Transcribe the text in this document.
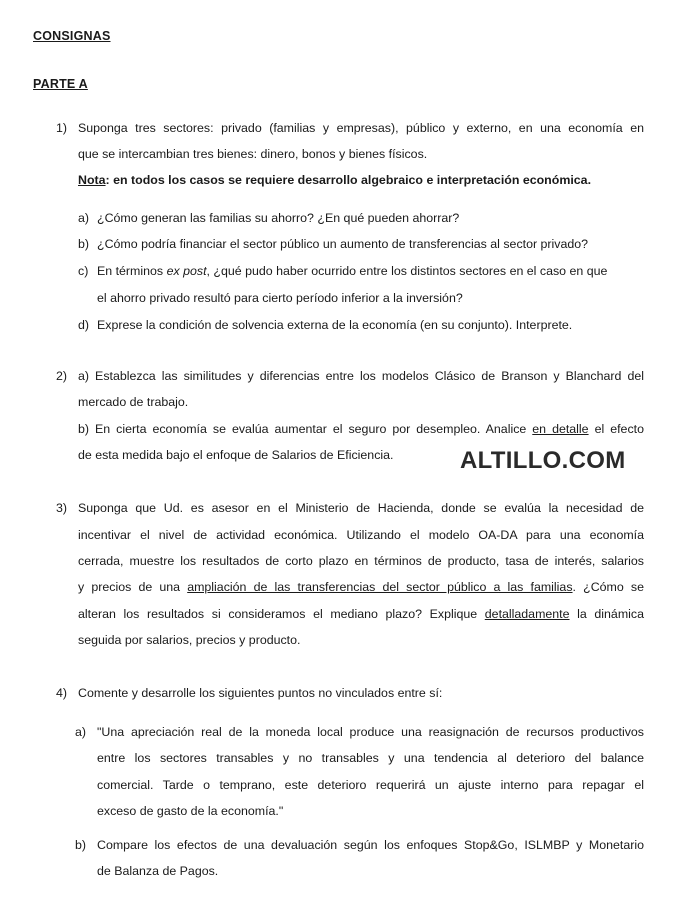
CONSIGNAS
PARTE A
1) Suponga tres sectores: privado (familias y empresas), público y externo, en una economía en
que se intercambian tres bienes: dinero, bonos y bienes físicos.
Nota: en todos los casos se requiere desarrollo algebraico e interpretación económica.
a) ¿Cómo generan las familias su ahorro? ¿En qué pueden ahorrar?
b) ¿Cómo podría financiar el sector público un aumento de transferencias al sector privado?
c) En términos ex post, ¿qué pudo haber ocurrido entre los distintos sectores en el caso en que
el ahorro privado resultó para cierto período inferior a la inversión?
d) Exprese la condición de solvencia externa de la economía (en su conjunto). Interprete.
2) a) Establezca las similitudes y diferencias entre los modelos Clásico de Branson y Blanchard del
mercado de trabajo.
b) En cierta economía se evalúa aumentar el seguro por desempleo. Analice en detalle el efecto
de esta medida bajo el enfoque de Salarios de Eficiencia.	ALTILLO.COM
3) Suponga que Ud. es asesor en el Ministerio de Hacienda, donde se evalúa la necesidad de
incentivar el nivel de actividad económica. Utilizando el modelo OA-DA para una economía
cerrada, muestre los resultados de corto plazo en términos de producto, tasa de interés, salarios
y precios de una ampliación de las transferencias del sector público a las familias. ¿Cómo se
alteran los resultados si consideramos el mediano plazo? Explique detalladamente la dinámica
seguida por salarios, precios y producto.
4) Comente y desarrolle los siguientes puntos no vinculados entre sí:
a) "Una apreciación real de la moneda local produce una reasignación de recursos productivos
entre los sectores transables y no transables y una tendencia al deterioro del balance
comercial. Tarde o temprano, este deterioro requerirá un ajuste interno para repagar el
exceso de gasto de la economía."
b) Compare los efectos de una devaluación según los enfoques Stop&Go, ISLMBP y Monetario
de Balanza de Pagos.
